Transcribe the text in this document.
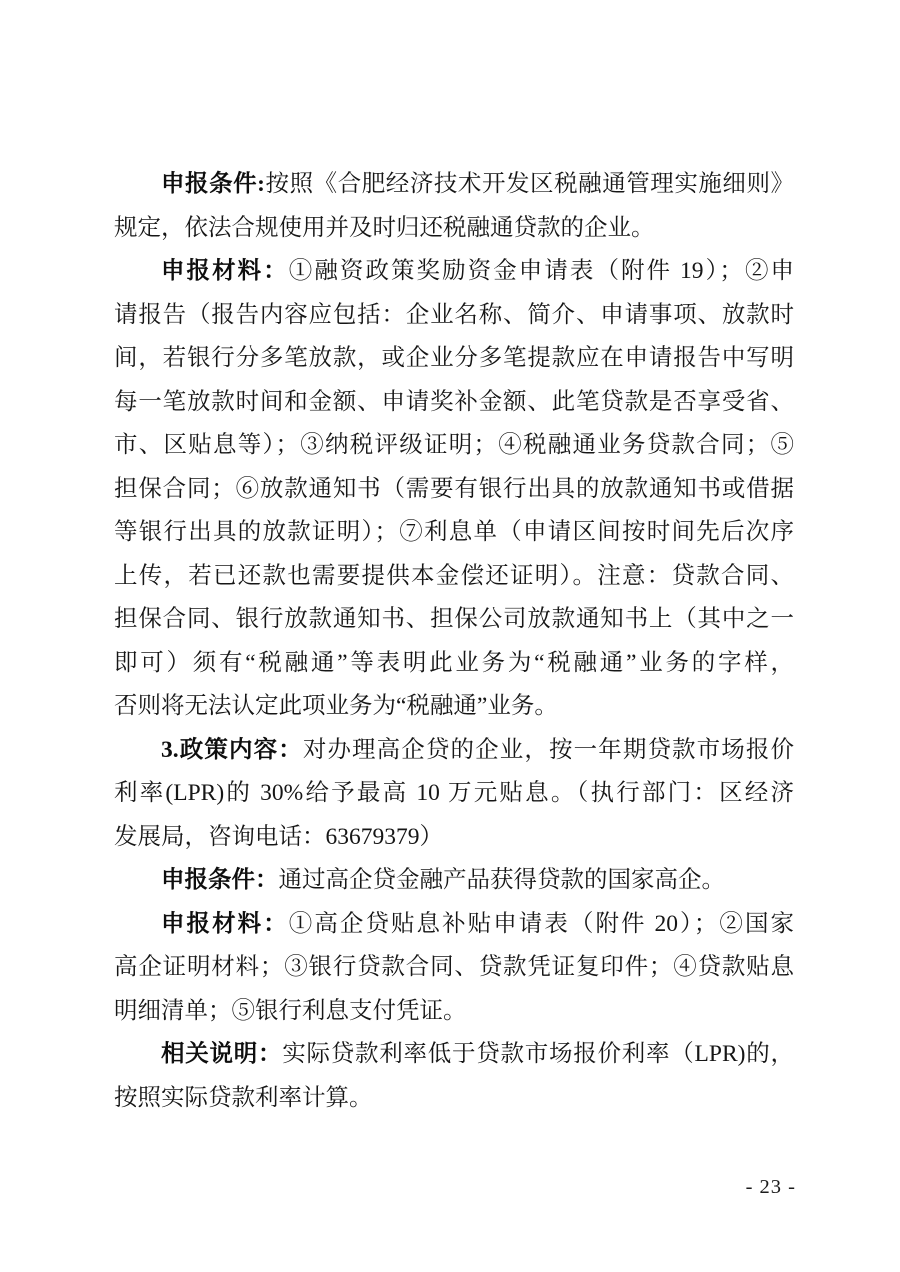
申报条件:按照《合肥经济技术开发区税融通管理实施细则》
规定，依法合规使用并及时归还税融通贷款的企业。
申报材料：①融资政策奖励资金申请表（附件 19）；②申
请报告（报告内容应包括：企业名称、简介、申请事项、放款时
间，若银行分多笔放款，或企业分多笔提款应在申请报告中写明
每一笔放款时间和金额、申请奖补金额、此笔贷款是否享受省、
市、区贴息等）；③纳税评级证明；④税融通业务贷款合同；⑤
担保合同；⑥放款通知书（需要有银行出具的放款通知书或借据
等银行出具的放款证明）；⑦利息单（申请区间按时间先后次序
上传，若已还款也需要提供本金偿还证明）。注意：贷款合同、
担保合同、银行放款通知书、担保公司放款通知书上（其中之一
即可）须有“税融通”等表明此业务为“税融通”业务的字样，
否则将无法认定此项业务为“税融通”业务。
3.政策内容：对办理高企贷的企业，按一年期贷款市场报价
利率(LPR)的 30%给予最高 10 万元贴息。（执行部门：区经济
发展局，咨询电话：63679379）
申报条件：通过高企贷金融产品获得贷款的国家高企。
申报材料：①高企贷贴息补贴申请表（附件 20）；②国家
高企证明材料；③银行贷款合同、贷款凭证复印件；④贷款贴息
明细清单；⑤银行利息支付凭证。
相关说明：实际贷款利率低于贷款市场报价利率（LPR)的，
按照实际贷款利率计算。
- 23 -
